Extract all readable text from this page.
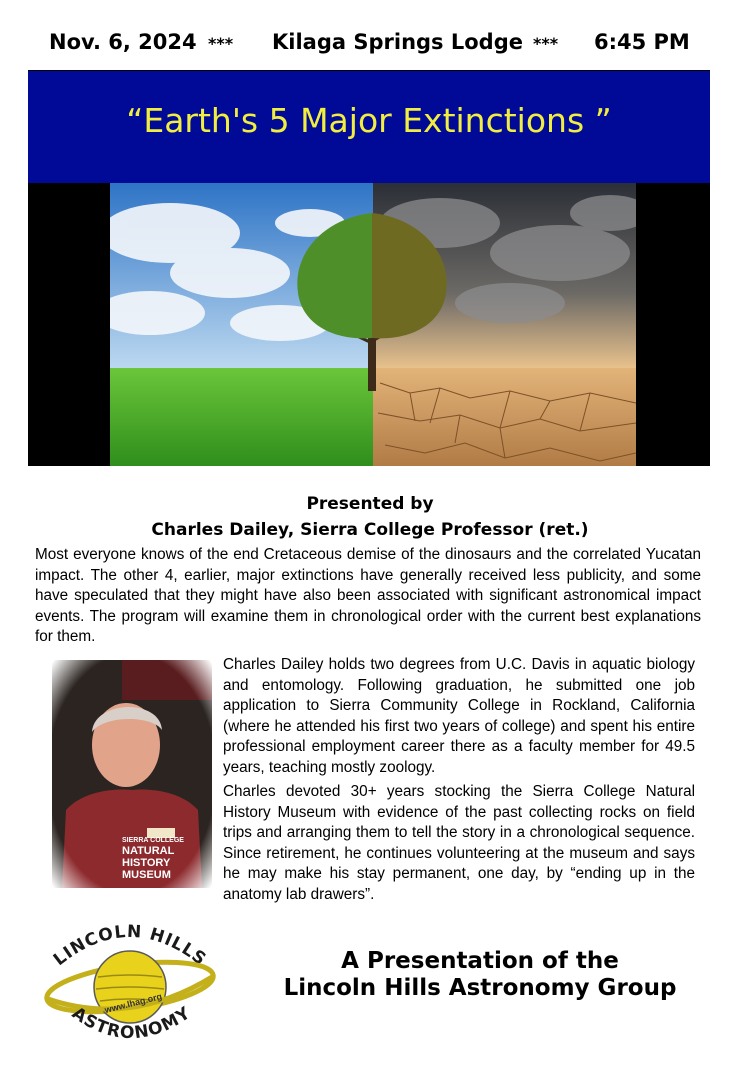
Nov. 6, 2024 *** Kilaga Springs Lodge *** 6:45 PM
“Earth's 5 Major Extinctions ”
Presented by
Charles Dailey, Sierra College Professor (ret.)
Most everyone knows of the end Cretaceous demise of the dinosaurs and the correlated Yucatan impact. The other 4, earlier, major extinctions have generally received less publicity, and some have speculated that they might have also been associated with significant astronomical impact events. The program will examine them in chronological order with the current best explanations for them.

Charles Dailey holds two degrees from U.C. Davis in aquatic biology and entomology. Following graduation, he submitted one job application to Sierra Community College in Rockland, California (where he attended his first two years of college) and spent his entire professional employment career there as a faculty member for 49.5 years, teaching mostly zoology.

Charles devoted 30+ years stocking the Sierra College Natural History Museum with evidence of the past collecting rocks on field trips and arranging them to tell the story in a chronological sequence. Since retirement, he continues volunteering at the museum and says he may make his stay permanent, one day, by “ending up in the anatomy lab drawers”.

LINCOLN HILLS
www.lhag.org
ASTRONOMY
A Presentation of the
Lincoln Hills Astronomy Group
